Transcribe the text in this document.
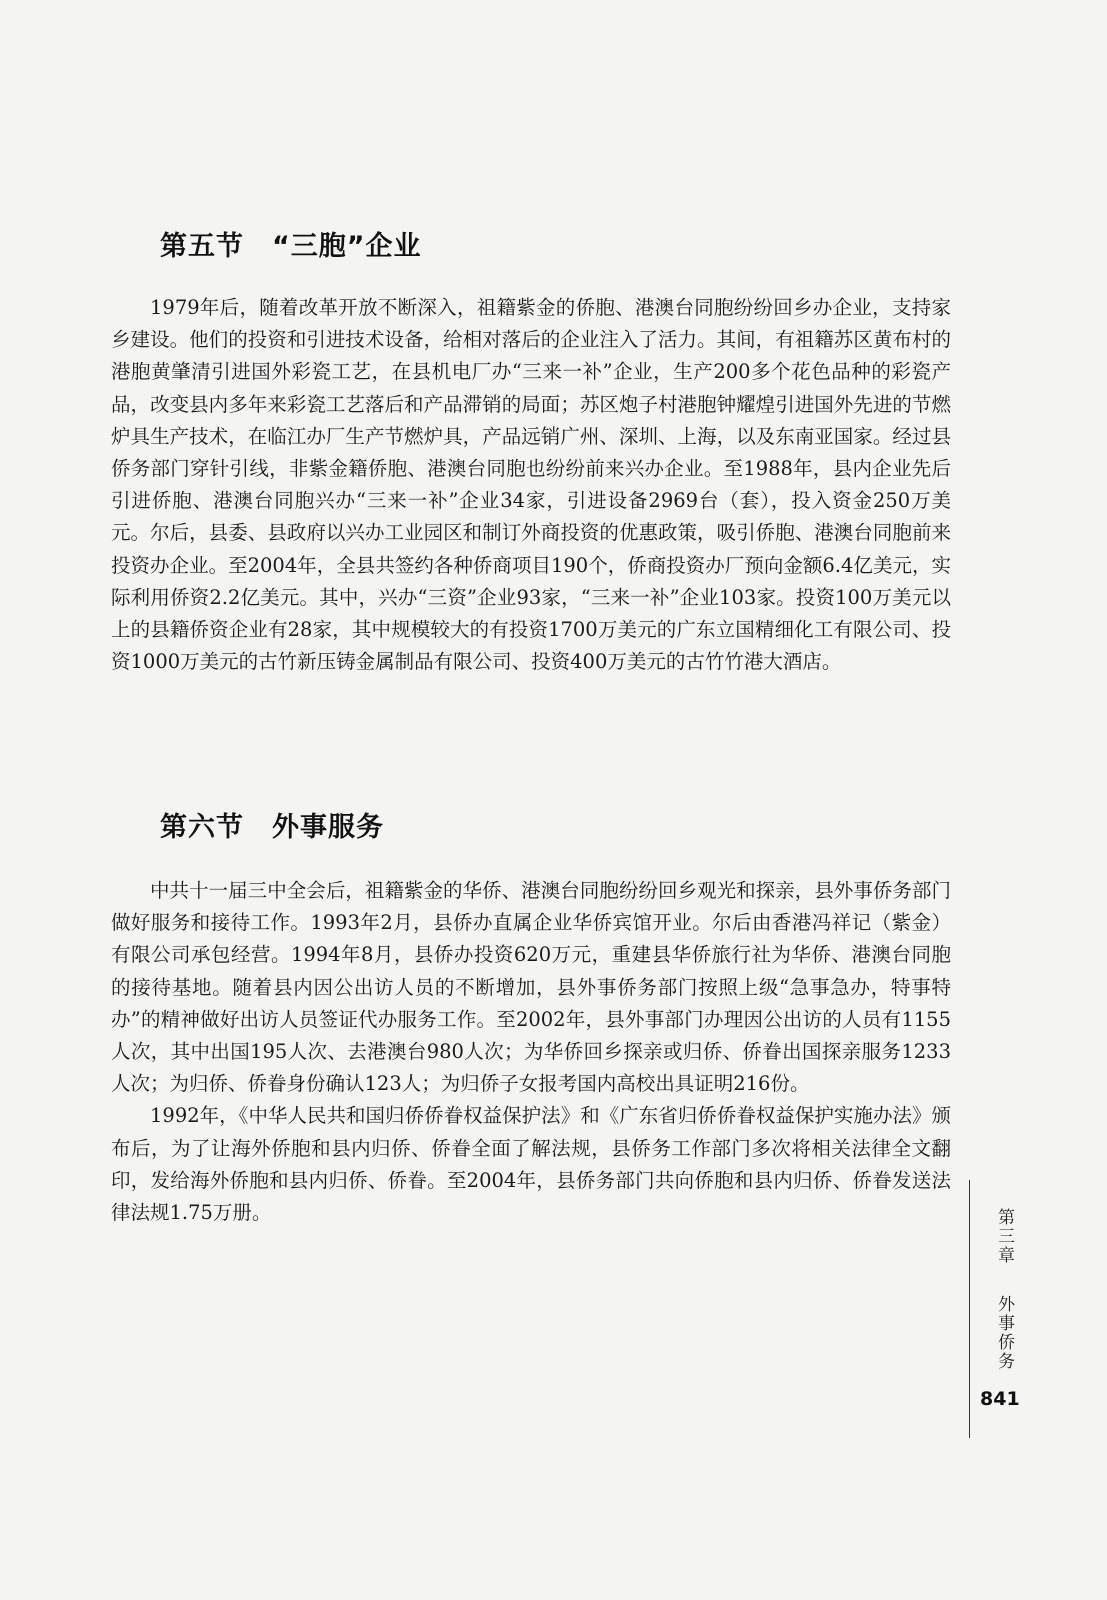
第五节 “三胞”企业

1979年后，随着改革开放不断深入，祖籍紫金的侨胞、港澳台同胞纷纷回乡办企业，支持家乡建设。他们的投资和引进技术设备，给相对落后的企业注入了活力。其间，有祖籍苏区黄布村的港胞黄肇清引进国外彩瓷工艺，在县机电厂办“三来一补”企业，生产200多个花色品种的彩瓷产品，改变县内多年来彩瓷工艺落后和产品滞销的局面；苏区炮子村港胞钟耀煌引进国外先进的节燃炉具生产技术，在临江办厂生产节燃炉具，产品远销广州、深圳、上海，以及东南亚国家。经过县侨务部门穿针引线，非紫金籍侨胞、港澳台同胞也纷纷前来兴办企业。至1988年，县内企业先后引进侨胞、港澳台同胞兴办“三来一补”企业34家，引进设备2969台（套），投入资金250万美元。尔后，县委、县政府以兴办工业园区和制订外商投资的优惠政策，吸引侨胞、港澳台同胞前来投资办企业。至2004年，全县共签约各种侨商项目190个，侨商投资办厂预向金额6.4亿美元，实际利用侨资2.2亿美元。其中，兴办“三资”企业93家，“三来一补”企业103家。投资100万美元以上的县籍侨资企业有28家，其中规模较大的有投资1700万美元的广东立国精细化工有限公司、投资1000万美元的古竹新压铸金属制品有限公司、投资400万美元的古竹竹港大酒店。

第六节 外事服务

中共十一届三中全会后，祖籍紫金的华侨、港澳台同胞纷纷回乡观光和探亲，县外事侨务部门做好服务和接待工作。1993年2月，县侨办直属企业华侨宾馆开业。尔后由香港冯祥记（紫金）有限公司承包经营。1994年8月，县侨办投资620万元，重建县华侨旅行社为华侨、港澳台同胞的接待基地。随着县内因公出访人员的不断增加，县外事侨务部门按照上级“急事急办，特事特办”的精神做好出访人员签证代办服务工作。至2002年，县外事部门办理因公出访的人员有1155人次，其中出国195人次、去港澳台980人次；为华侨回乡探亲或归侨、侨眷出国探亲服务1233人次；为归侨、侨眷身份确认123人；为归侨子女报考国内高校出具证明216份。

1992年，《中华人民共和国归侨侨眷权益保护法》和《广东省归侨侨眷权益保护实施办法》颁布后，为了让海外侨胞和县内归侨、侨眷全面了解法规，县侨务工作部门多次将相关法律全文翻印，发给海外侨胞和县内归侨、侨眷。至2004年，县侨务部门共向侨胞和县内归侨、侨眷发送法律法规1.75万册。	第三章
外事侨务
841
